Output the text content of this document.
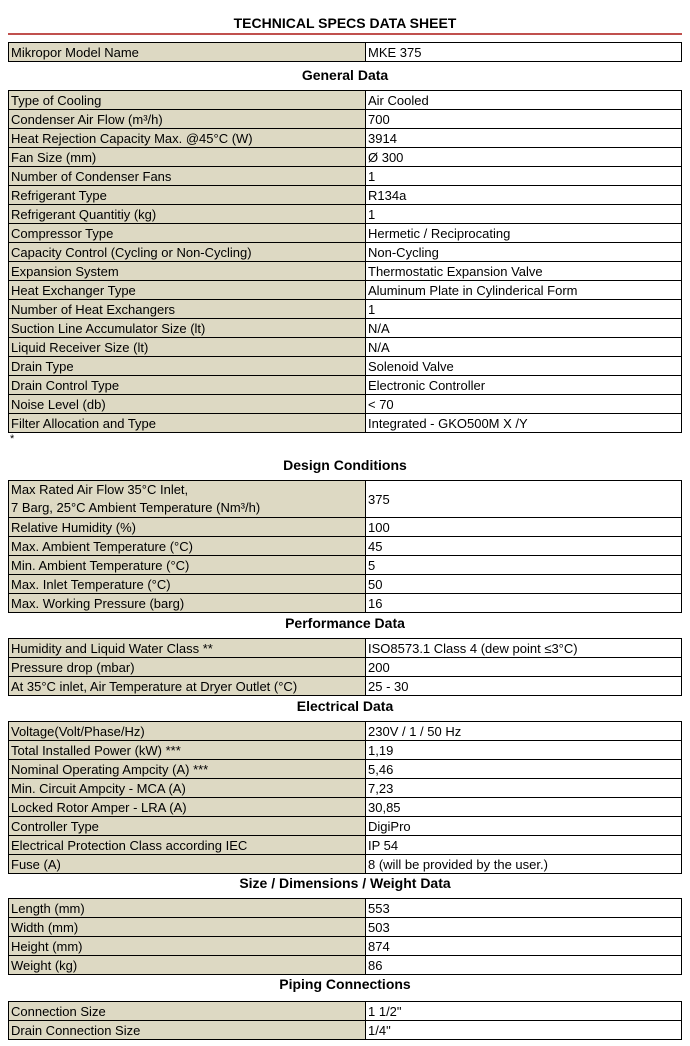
TECHNICAL SPECS DATA SHEET
Mikropor Model Name	MKE 375
General Data
Type of Cooling	Air Cooled
Condenser Air Flow (m³/h)	700
Heat Rejection Capacity Max. @45°C (W)	3914
Fan Size (mm)	Ø 300
Number of Condenser Fans	1
Refrigerant Type	R134a
Refrigerant Quantitiy (kg)	1
Compressor Type	Hermetic / Reciprocating
Capacity Control (Cycling or Non-Cycling)	Non-Cycling
Expansion System	Thermostatic Expansion Valve
Heat Exchanger Type	Aluminum Plate in Cylinderical Form
Number of Heat Exchangers	1
Suction Line Accumulator Size (lt)	N/A
Liquid Receiver Size (lt)	N/A
Drain Type	Solenoid Valve
Drain Control Type	Electronic Controller
Noise Level (db)	< 70
Filter Allocation and Type	Integrated - GKO500M X /Y
*
Design Conditions
Max Rated Air Flow 35°C Inlet,
7 Barg, 25°C Ambient Temperature (Nm³/h)	375
Relative Humidity (%)	100
Max. Ambient Temperature (°C)	45
Min. Ambient Temperature (°C)	5
Max. Inlet Temperature (°C)	50
Max. Working Pressure (barg)	16
Performance Data
Humidity and Liquid Water Class **	ISO8573.1 Class 4 (dew point ≤3°C)
Pressure drop (mbar)	200
At 35°C inlet, Air Temperature at Dryer Outlet (°C)	25 - 30
Electrical Data
Voltage(Volt/Phase/Hz)	230V / 1 / 50 Hz
Total Installed Power (kW) ***	1,19
Nominal Operating Ampcity (A) ***	5,46
Min. Circuit Ampcity - MCA (A)	7,23
Locked Rotor Amper - LRA (A)	30,85
Controller Type	DigiPro
Electrical Protection Class according IEC	IP 54
Fuse (A)	8 (will be provided by the user.)
Size / Dimensions / Weight Data
Length (mm)	553
Width (mm)	503
Height (mm)	874
Weight (kg)	86
Piping Connections
Connection Size	1 1/2"
Drain Connection Size	1/4"
